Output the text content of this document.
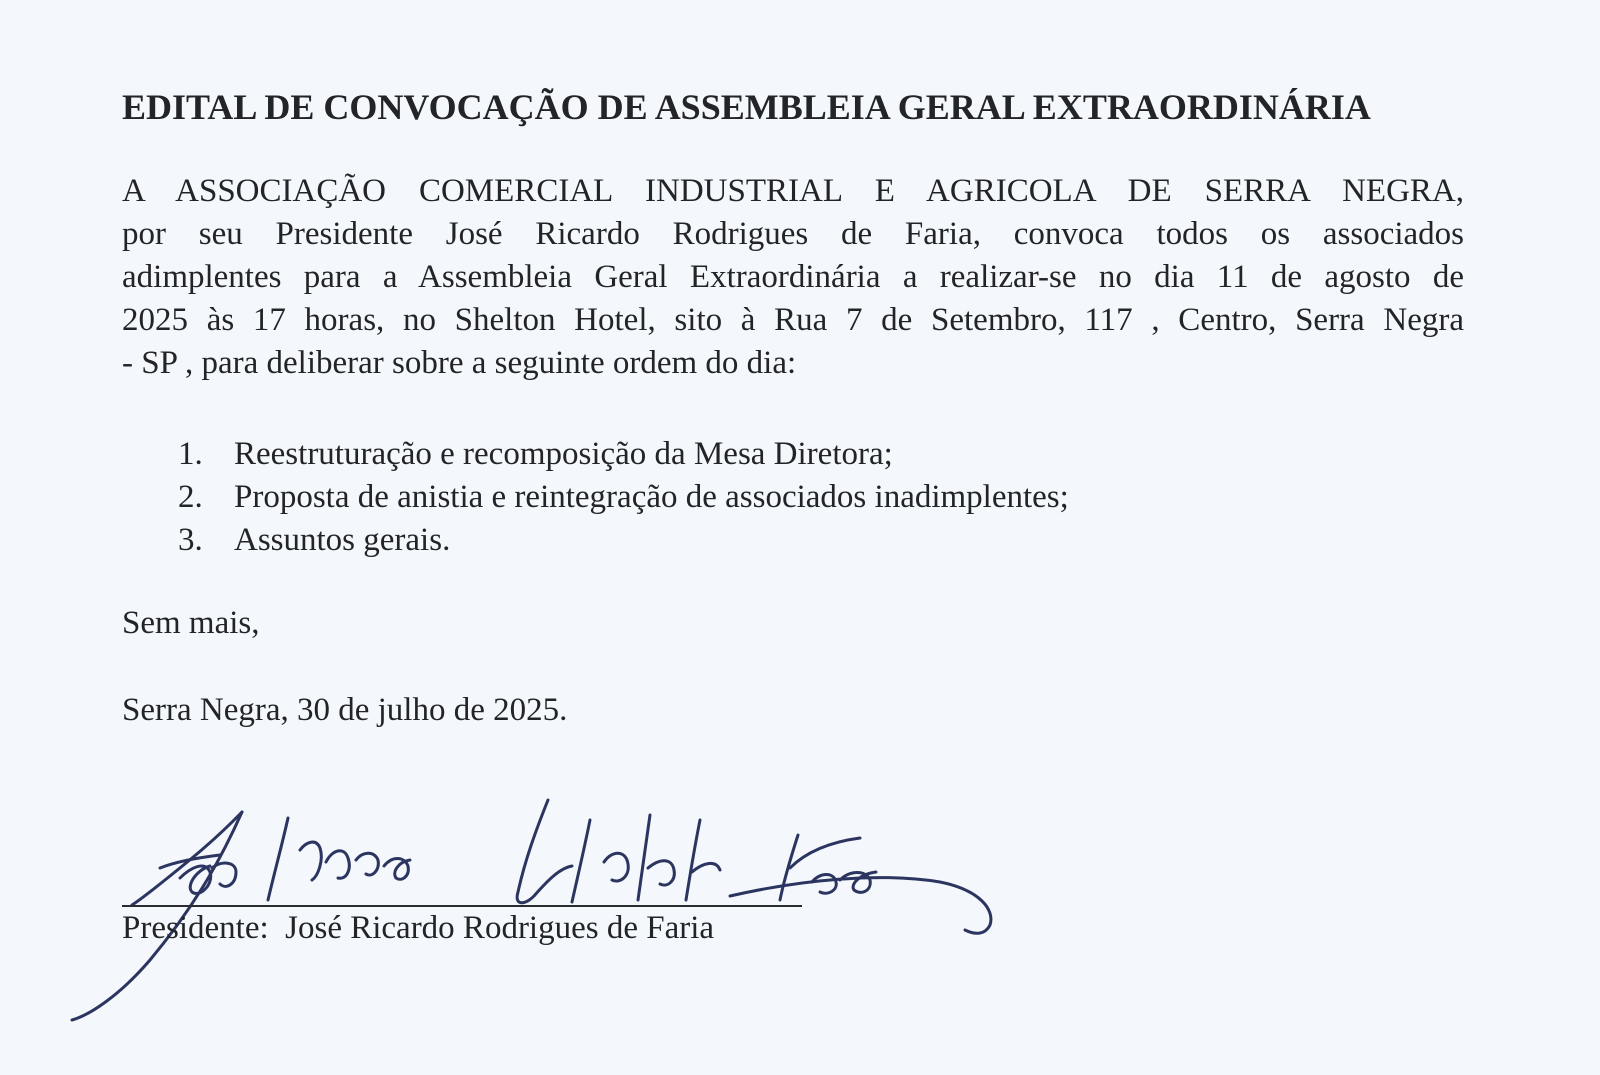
EDITAL DE CONVOCAÇÃO DE ASSEMBLEIA GERAL EXTRAORDINÁRIA
A ASSOCIAÇÃO COMERCIAL INDUSTRIAL E AGRICOLA DE SERRA NEGRA,
por seu Presidente José Ricardo Rodrigues de Faria, convoca todos os associados
adimplentes para a Assembleia Geral Extraordinária a realizar-se no dia 11 de agosto de
2025 às 17 horas, no Shelton Hotel, sito à Rua 7 de Setembro, 117 , Centro, Serra Negra
- SP , para deliberar sobre a seguinte ordem do dia:
1. Reestruturação e recomposição da Mesa Diretora;
2. Proposta de anistia e reintegração de associados inadimplentes;
3. Assuntos gerais.
Sem mais,
Serra Negra, 30 de julho de 2025.
Presidente: José Ricardo Rodrigues de Faria
